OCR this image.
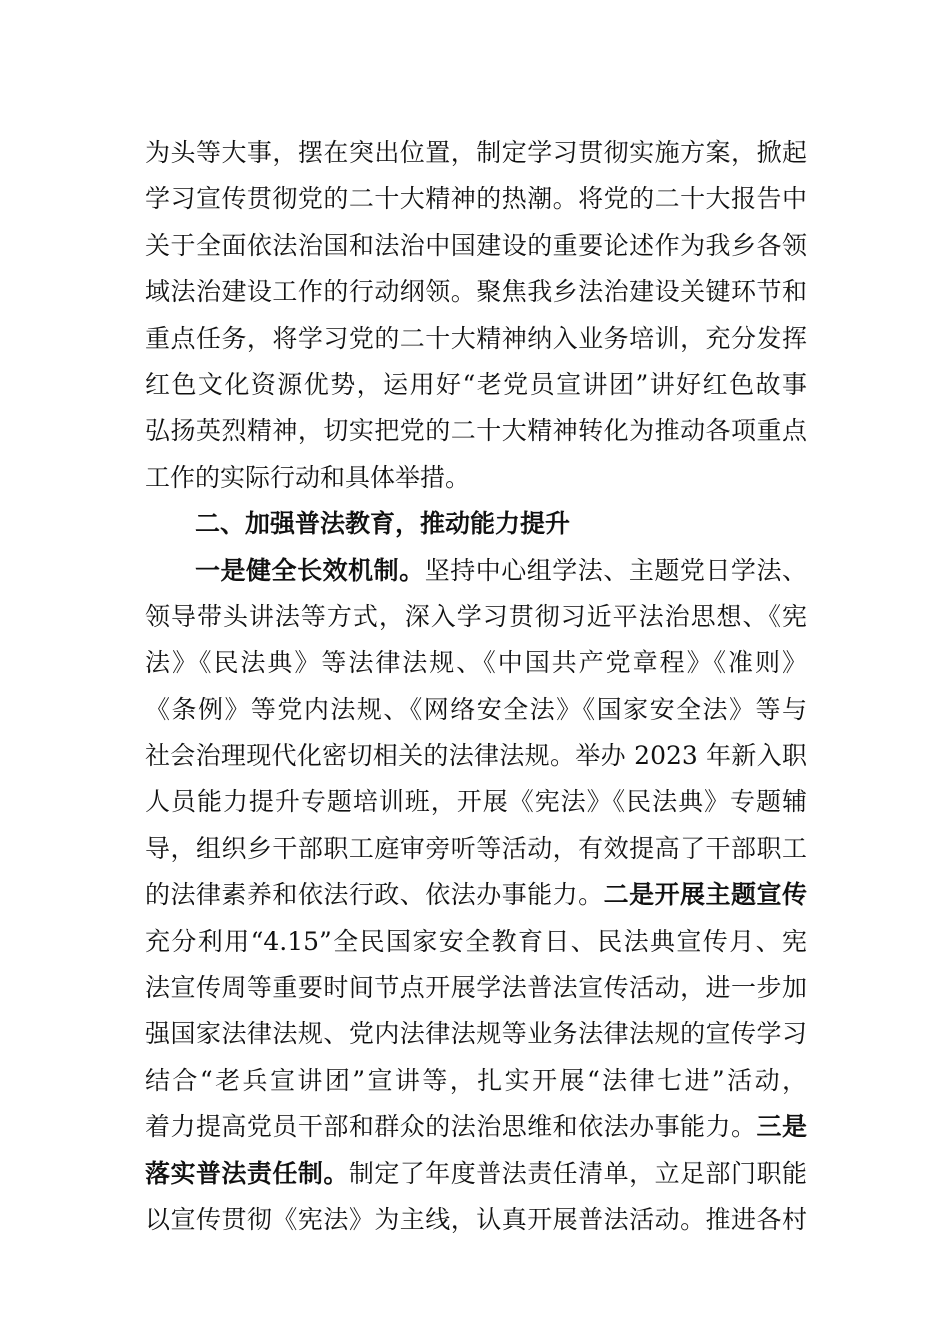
为头等大事，摆在突出位置，制定学习贯彻实施方案，掀起
学习宣传贯彻党的二十大精神的热潮。将党的二十大报告中
关于全面依法治国和法治中国建设的重要论述作为我乡各领
域法治建设工作的行动纲领。聚焦我乡法治建设关键环节和
重点任务，将学习党的二十大精神纳入业务培训，充分发挥
红色文化资源优势，运用好“老党员宣讲团”讲好红色故事
弘扬英烈精神，切实把党的二十大精神转化为推动各项重点
工作的实际行动和具体举措。
二、加强普法教育，推动能力提升
一是健全长效机制。坚持中心组学法、主题党日学法、
领导带头讲法等方式，深入学习贯彻习近平法治思想、《宪
法》《民法典》等法律法规、《中国共产党章程》《准则》
《条例》等党内法规、《网络安全法》《国家安全法》等与
社会治理现代化密切相关的法律法规。举办 2023 年新入职
人员能力提升专题培训班，开展《宪法》《民法典》专题辅
导，组织乡干部职工庭审旁听等活动，有效提高了干部职工
的法律素养和依法行政、依法办事能力。二是开展主题宣传
充分利用“4.15”全民国家安全教育日、民法典宣传月、宪
法宣传周等重要时间节点开展学法普法宣传活动，进一步加
强国家法律法规、党内法律法规等业务法律法规的宣传学习
结合“老兵宣讲团”宣讲等，扎实开展“法律七进”活动，
着力提高党员干部和群众的法治思维和依法办事能力。三是
落实普法责任制。制定了年度普法责任清单，立足部门职能
以宣传贯彻《宪法》为主线，认真开展普法活动。推进各村
